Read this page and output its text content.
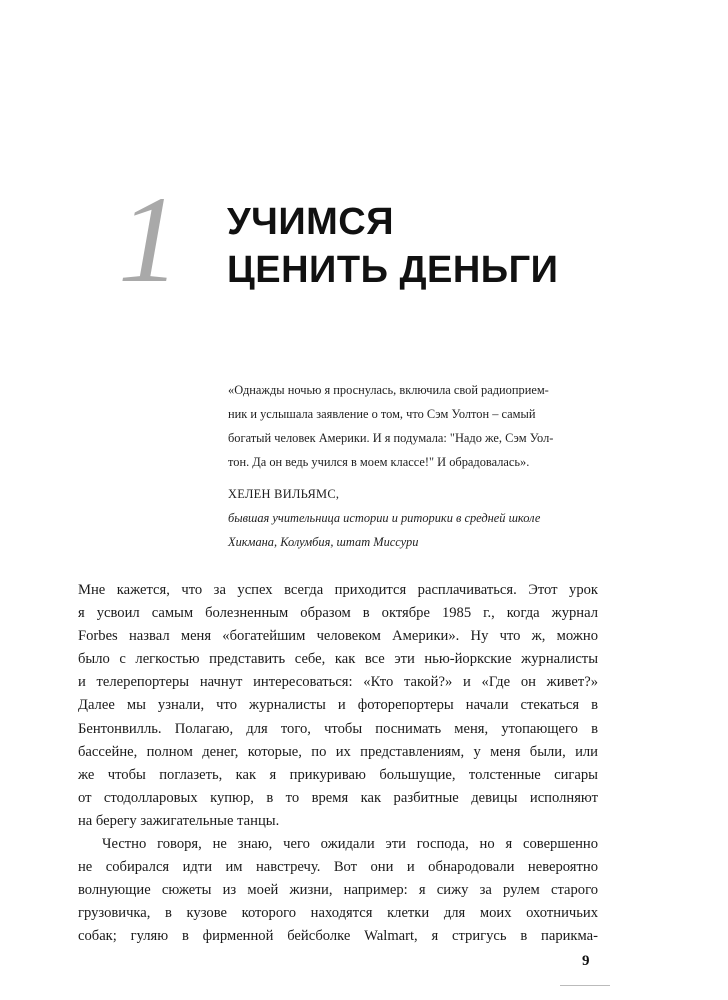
1 УЧИМСЯ
ЦЕНИТЬ ДЕНЬГИ
«Однажды ночью я проснулась, включила свой радиоприем-
ник и услышала заявление о том, что Сэм Уолтон – самый
богатый человек Америки. И я подумала: "Надо же, Сэм Уол-
тон. Да он ведь учился в моем классе!" И обрадовалась».
ХЕЛЕН ВИЛЬЯМС,
бывшая учительница истории и риторики в средней школе
Хикмана, Колумбия, штат Миссури
Мне кажется, что за успех всегда приходится расплачиваться. Этот урок
я усвоил самым болезненным образом в октябре 1985 г., когда журнал
Forbes назвал меня «богатейшим человеком Америки». Ну что ж, можно
было с легкостью представить себе, как все эти нью-йоркские журналисты
и телерепортеры начнут интересоваться: «Кто такой?» и «Где он живет?»
Далее мы узнали, что журналисты и фоторепортеры начали стекаться в
Бентонвилль. Полагаю, для того, чтобы поснимать меня, утопающего в
бассейне, полном денег, которые, по их представлениям, у меня были, или
же чтобы поглазеть, как я прикуриваю большущие, толстенные сигары
от стодолларовых купюр, в то время как разбитные девицы исполняют
на берегу зажигательные танцы.
Честно говоря, не знаю, чего ожидали эти господа, но я совершенно
не собирался идти им навстречу. Вот они и обнародовали невероятно
волнующие сюжеты из моей жизни, например: я сижу за рулем старого
грузовичка, в кузове которого находятся клетки для моих охотничьих
собак; гуляю в фирменной бейсболке Walmart, я стригусь в парикма-
9
